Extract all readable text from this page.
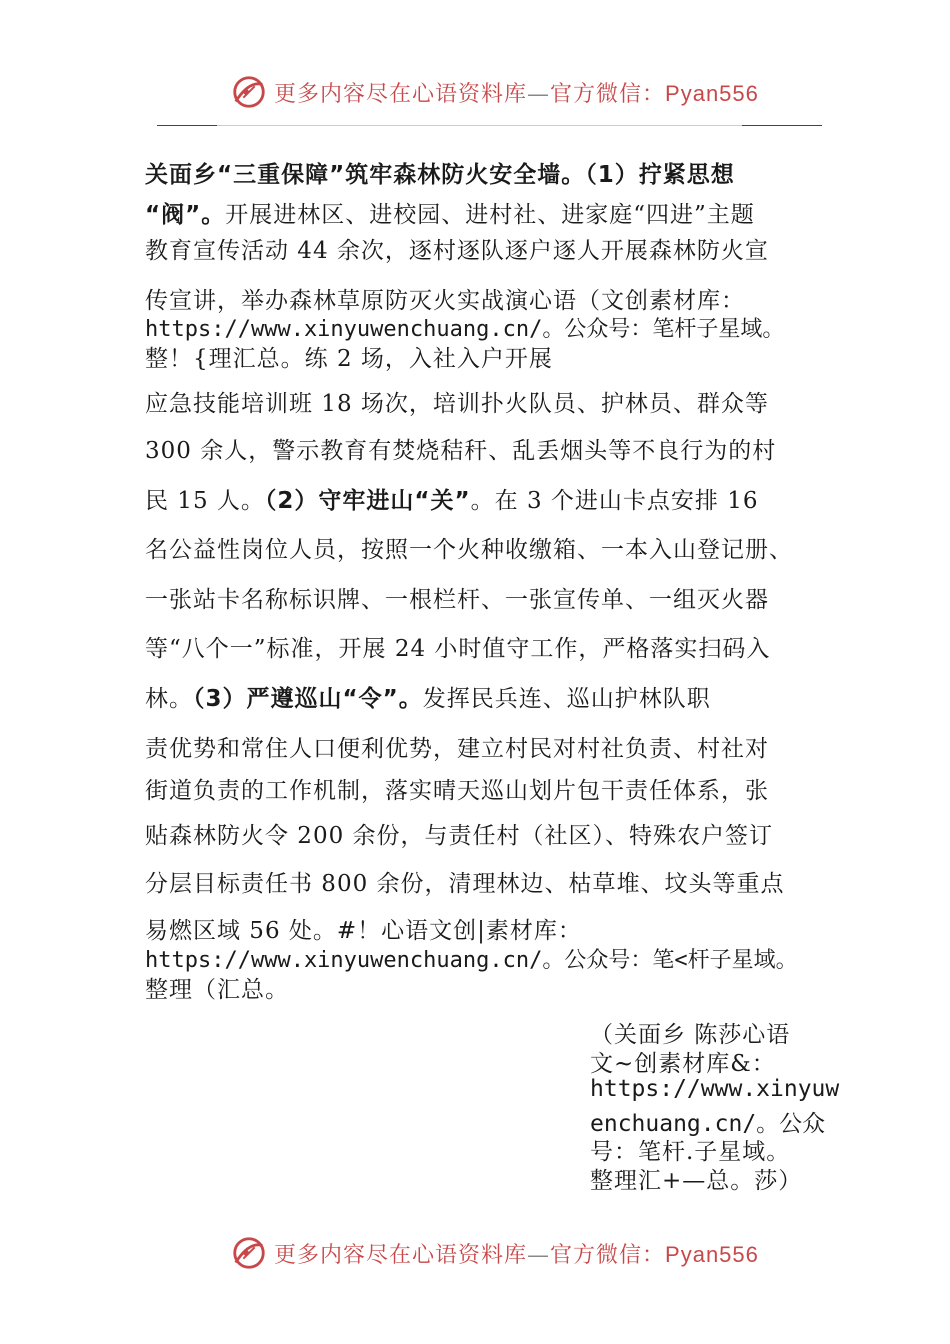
更多内容尽在心语资料库—官方微信：Pyan556
关面乡“三重保障”筑牢森林防火安全墙。（1）拧紧思想
“阀”。开展进林区、进校园、进村社、进家庭“四进”主题
教育宣传活动 44 余次，逐村逐队逐户逐人开展森林防火宣
传宣讲，举办森林草原防灭火实战演心语（文创素材库：
https://www.xinyuwenchuang.cn/。公众号：笔杆子星域。
整！{理汇总。练 2 场，入社入户开展
应急技能培训班 18 场次，培训扑火队员、护林员、群众等
300 余人，警示教育有焚烧秸秆、乱丢烟头等不良行为的村
民 15 人。（2）守牢进山“关”。在 3 个进山卡点安排 16
名公益性岗位人员，按照一个火种收缴箱、一本入山登记册、
一张站卡名称标识牌、一根栏杆、一张宣传单、一组灭火器
等“八个一”标准，开展 24 小时值守工作，严格落实扫码入
林。（3）严遵巡山“令”。发挥民兵连、巡山护林队职
责优势和常住人口便利优势，建立村民对村社负责、村社对
街道负责的工作机制，落实晴天巡山划片包干责任体系，张
贴森林防火令 200 余份，与责任村（社区）、特殊农户签订
分层目标责任书 800 余份，清理林边、枯草堆、坟头等重点
易燃区域 56 处。#！心语文创|素材库：
https://www.xinyuwenchuang.cn/。公众号：笔<杆子星域。
整理（汇总。
（关面乡 陈莎心语
文~创素材库&：
https://www.xinyuw
enchuang.cn/。公众
号：笔杆.子星域。
整理汇+—总。莎）
更多内容尽在心语资料库—官方微信：Pyan556
